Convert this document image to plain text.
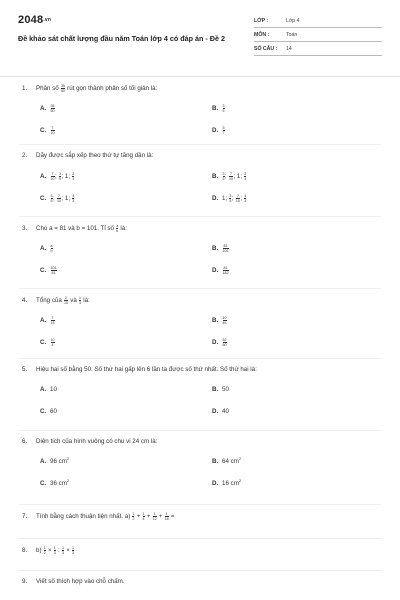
2048.vn
Đề khảo sát chất lượng đầu năm Toán lớp 4 có đáp án - Đề 2
LỚP :	Lớp 4
MÔN :	Toán
SỐ CÂU : 14
1. Phân số $\frac{35}{50}$ rút gọn thành phân số tối giản là:
A. $\frac{35}{50}$	B. $\frac{3}{5}$
C. $\frac{7}{10}$	D. $\frac{5}{7}$
2. Dãy được sắp xếp theo thứ tự tăng dần là:
A. $\frac{7}{10}$ ; $\frac{3}{5}$ ; 1; $\frac{2}{3}$	B. $\frac{3}{5}$ ; $\frac{7}{10}$ ; 1; $\frac{2}{3}$
C. $\frac{3}{5}$ ; $\frac{7}{10}$ ; 1; $\frac{4}{3}$	D. 1; $\frac{3}{5}$ ; $\frac{7}{10}$ ; $\frac{4}{3}$
3. Cho a = 81 và b = 101. Tỉ số $\frac{a}{b}$ là:
A. $\frac{a}{b}$	B. $\frac{81}{101}$
C. $\frac{101}{81}$	D. $\frac{81}{182}$
4. Tổng của $\frac{2}{15}$ và $\frac{1}{3}$ là:
A. $\frac{7}{15}$	B. $\frac{10}{45}$
C. $\frac{10}{4}$	D. $\frac{52}{60}$
5. Hiệu hai số bằng 50. Số thứ hai gấp lên 6 lần ta được số thứ nhất. Số thứ hai là:
A. 10	B. 50
C. 60	D. 40
6. Diện tích của hình vuông có chu vi 24 cm là:
A. 96 $cm^2$	B. 64 $cm^2$
C. 36 $cm^2$	D. 16 $cm^2$
7. Tính bằng cách thuận tiện nhất. $a) \frac{1}{2} + \frac{1}{4} + \frac{1}{12} + \frac{1}{18}$ =
8. $b) \frac{1}{2} \times \frac{1}{3}$ : $\frac{1}{3} \times \frac{1}{3}$
9. Viết số thích hợp vào chỗ chấm.
